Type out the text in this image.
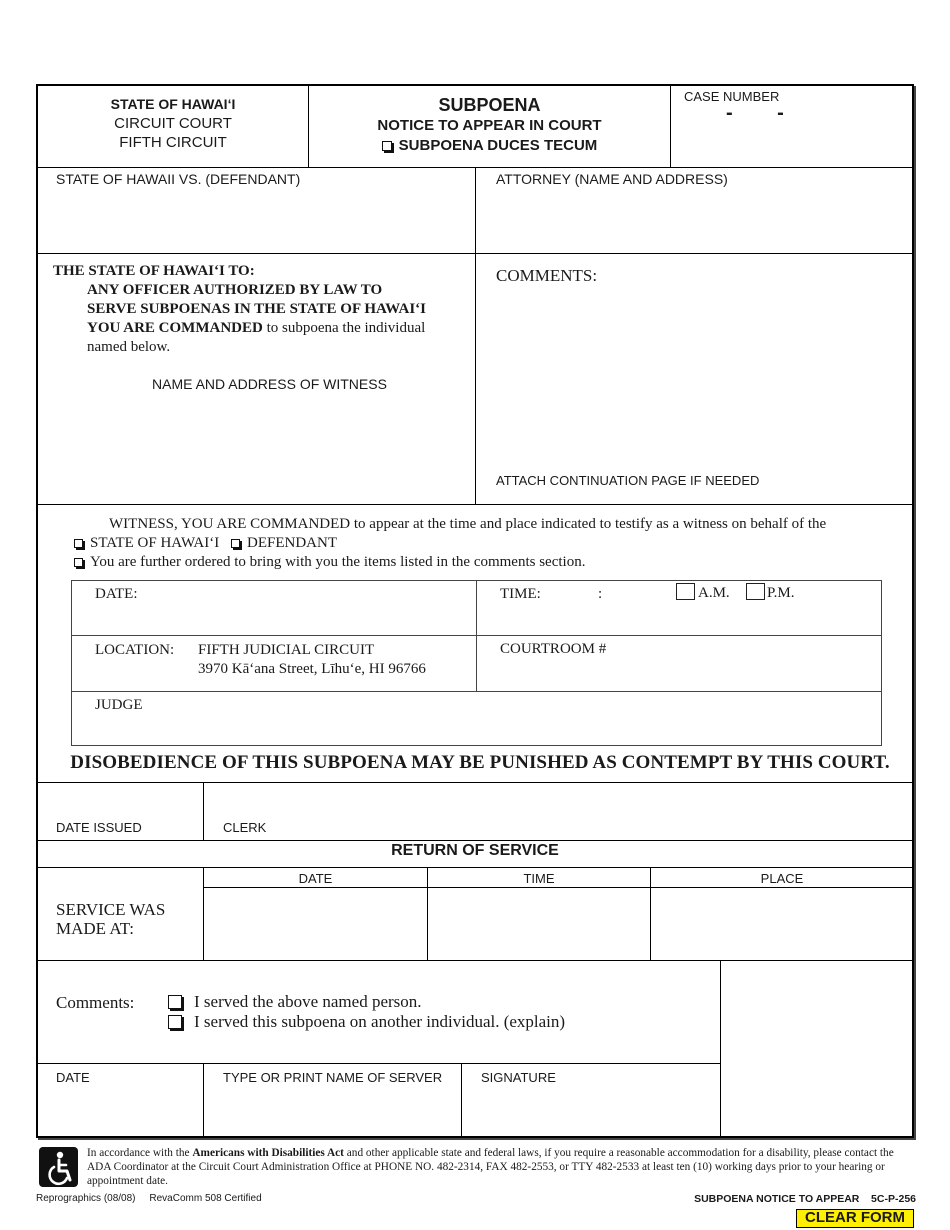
STATE OF HAWAI‘I
CIRCUIT COURT
FIFTH CIRCUIT
SUBPOENA
NOTICE TO APPEAR IN COURT
SUBPOENA DUCES TECUM
CASE NUMBER
-        -
STATE OF HAWAII VS. (DEFENDANT)	ATTORNEY (NAME AND ADDRESS)
THE STATE OF HAWAI‘I TO:
ANY OFFICER AUTHORIZED BY LAW TO
SERVE SUBPOENAS IN THE STATE OF HAWAI‘I
YOU ARE COMMANDED to subpoena the individual
named below.
NAME AND ADDRESS OF WITNESS
COMMENTS:
ATTACH CONTINUATION PAGE IF NEEDED
WITNESS, YOU ARE COMMANDED to appear at the time and place indicated to testify as a witness on behalf of the
STATE OF HAWAI‘I DEFENDANT
You are further ordered to bring with you the items listed in the comments section.
DATE:	TIME:	:	A.M. P.M.
LOCATION: FIFTH JUDICIAL CIRCUIT
3970 Kā‘ana Street, Līhu‘e, HI 96766
COURTROOM #
JUDGE
DISOBEDIENCE OF THIS SUBPOENA MAY BE PUNISHED AS CONTEMPT BY THIS COURT.
DATE ISSUED	CLERK
RETURN OF SERVICE
SERVICE WAS
MADE AT:
DATE	TIME	PLACE
Comments:	I served the above named person.
I served this subpoena on another individual. (explain)
DATE	TYPE OR PRINT NAME OF SERVER	SIGNATURE
In accordance with the Americans with Disabilities Act and other applicable state and federal laws, if you require a reasonable accommodation for a disability, please contact the ADA Coordinator at the Circuit Court Administration Office at PHONE NO. 482-2314, FAX 482-2553, or TTY 482-2533 at least ten (10) working days prior to your hearing or appointment date.
Reprographics (08/08)     RevaComm 508 Certified	SUBPOENA NOTICE TO APPEAR    5C-P-256
CLEAR FORM
